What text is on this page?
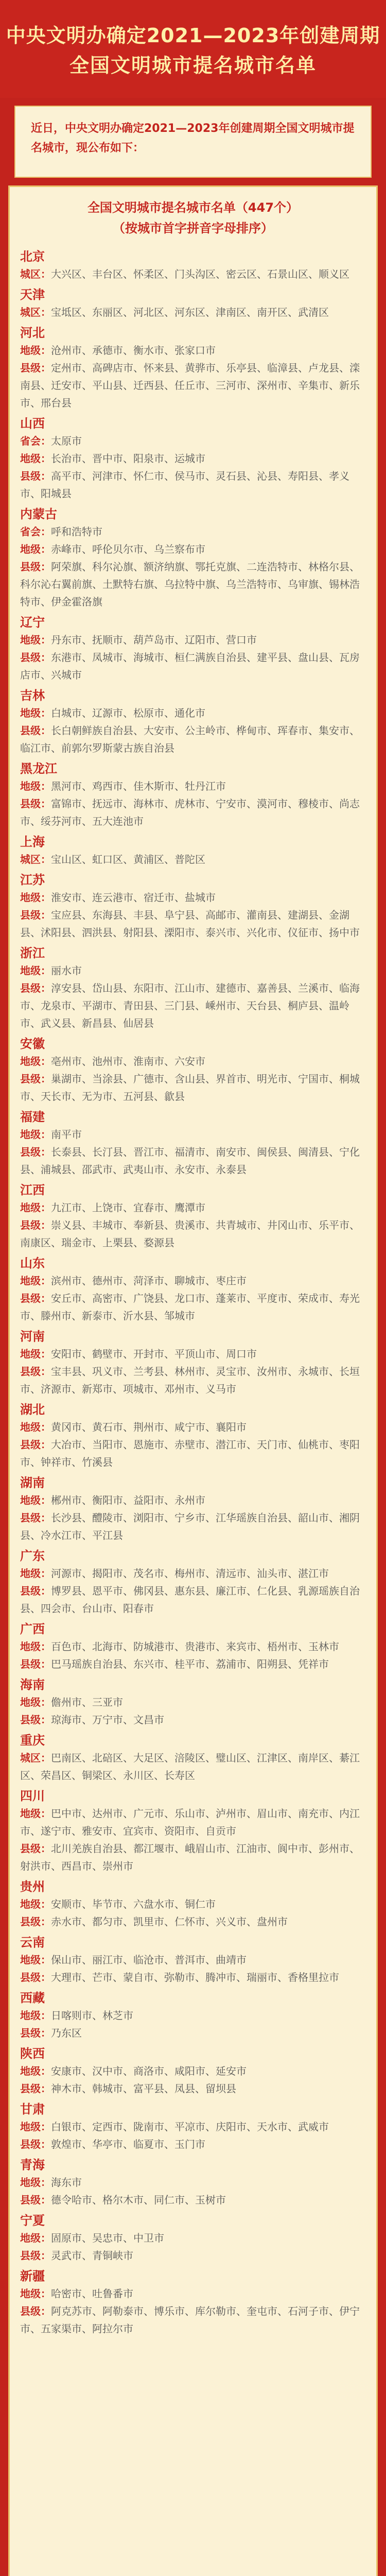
中央文明办确定2021—2023年创建周期
全国文明城市提名城市名单

近日，中央文明办确定2021—2023年创建周期全国文明城市提名城市，现公布如下：

全国文明城市提名城市名单（447个）
（按城市首字拼音字母排序）
北京
城区：大兴区、丰台区、怀柔区、门头沟区、密云区、石景山区、顺义区
天津
城区：宝坻区、东丽区、河北区、河东区、津南区、南开区、武清区
河北
地级：沧州市、承德市、衡水市、张家口市
县级：定州市、高碑店市、怀来县、黄骅市、乐亭县、临漳县、卢龙县、滦南县、迁安市、平山县、迁西县、任丘市、三河市、深州市、辛集市、新乐市、邢台县
山西
省会：太原市
地级：长治市、晋中市、阳泉市、运城市
县级：高平市、河津市、怀仁市、侯马市、灵石县、沁县、寿阳县、孝义市、阳城县
内蒙古
省会：呼和浩特市
地级：赤峰市、呼伦贝尔市、乌兰察布市
县级：阿荣旗、科尔沁旗、额济纳旗、鄂托克旗、二连浩特市、林格尔县、科尔沁右翼前旗、土默特右旗、乌拉特中旗、乌兰浩特市、乌审旗、锡林浩特市、伊金霍洛旗
辽宁
地级：丹东市、抚顺市、葫芦岛市、辽阳市、营口市
县级：东港市、凤城市、海城市、桓仁满族自治县、建平县、盘山县、瓦房店市、兴城市
吉林
地级：白城市、辽源市、松原市、通化市
县级：长白朝鲜族自治县、大安市、公主岭市、桦甸市、珲春市、集安市、临江市、前郭尔罗斯蒙古族自治县
黑龙江
地级：黑河市、鸡西市、佳木斯市、牡丹江市
县级：富锦市、抚远市、海林市、虎林市、宁安市、漠河市、穆棱市、尚志市、绥芬河市、五大连池市
上海
城区：宝山区、虹口区、黄浦区、普陀区
江苏
地级：淮安市、连云港市、宿迁市、盐城市
县级：宝应县、东海县、丰县、阜宁县、高邮市、灌南县、建湖县、金湖县、沭阳县、泗洪县、射阳县、溧阳市、泰兴市、兴化市、仪征市、扬中市
浙江
地级：丽水市
县级：淳安县、岱山县、东阳市、江山市、建德市、嘉善县、兰溪市、临海市、龙泉市、平湖市、青田县、三门县、嵊州市、天台县、桐庐县、温岭市、武义县、新昌县、仙居县
安徽
地级：亳州市、池州市、淮南市、六安市
县级：巢湖市、当涂县、广德市、含山县、界首市、明光市、宁国市、桐城市、天长市、无为市、五河县、歙县
福建
地级：南平市
县级：长泰县、长汀县、晋江市、福清市、南安市、闽侯县、闽清县、宁化县、浦城县、邵武市、武夷山市、永安市、永泰县
江西
地级：九江市、上饶市、宜春市、鹰潭市
县级：崇义县、丰城市、奉新县、贵溪市、共青城市、井冈山市、乐平市、南康区、瑞金市、上栗县、婺源县
山东
地级：滨州市、德州市、菏泽市、聊城市、枣庄市
县级：安丘市、高密市、广饶县、龙口市、蓬莱市、平度市、荣成市、寿光市、滕州市、新泰市、沂水县、邹城市
河南
地级：安阳市、鹤壁市、开封市、平顶山市、周口市
县级：宝丰县、巩义市、兰考县、林州市、灵宝市、汝州市、永城市、长垣市、济源市、新郑市、项城市、邓州市、义马市
湖北
地级：黄冈市、黄石市、荆州市、咸宁市、襄阳市
县级：大冶市、当阳市、恩施市、赤壁市、潜江市、天门市、仙桃市、枣阳市、钟祥市、竹溪县
湖南
地级：郴州市、衡阳市、益阳市、永州市
县级：长沙县、醴陵市、浏阳市、宁乡市、江华瑶族自治县、韶山市、湘阴县、冷水江市、平江县
广东
地级：河源市、揭阳市、茂名市、梅州市、清远市、汕头市、湛江市
县级：博罗县、恩平市、佛冈县、惠东县、廉江市、仁化县、乳源瑶族自治县、四会市、台山市、阳春市
广西
地级：百色市、北海市、防城港市、贵港市、来宾市、梧州市、玉林市
县级：巴马瑶族自治县、东兴市、桂平市、荔浦市、阳朔县、凭祥市
海南
地级：儋州市、三亚市
县级：琼海市、万宁市、文昌市
重庆
城区：巴南区、北碚区、大足区、涪陵区、璧山区、江津区、南岸区、綦江区、荣昌区、铜梁区、永川区、长寿区
四川
地级：巴中市、达州市、广元市、乐山市、泸州市、眉山市、南充市、内江市、遂宁市、雅安市、宜宾市、资阳市、自贡市
县级：北川羌族自治县、都江堰市、峨眉山市、江油市、阆中市、彭州市、射洪市、西昌市、崇州市
贵州
地级：安顺市、毕节市、六盘水市、铜仁市
县级：赤水市、都匀市、凯里市、仁怀市、兴义市、盘州市
云南
地级：保山市、丽江市、临沧市、普洱市、曲靖市
县级：大理市、芒市、蒙自市、弥勒市、腾冲市、瑞丽市、香格里拉市
西藏
地级：日喀则市、林芝市
县级：乃东区
陕西
地级：安康市、汉中市、商洛市、咸阳市、延安市
县级：神木市、韩城市、富平县、凤县、留坝县
甘肃
地级：白银市、定西市、陇南市、平凉市、庆阳市、天水市、武威市
县级：敦煌市、华亭市、临夏市、玉门市
青海
地级：海东市
县级：德令哈市、格尔木市、同仁市、玉树市
宁夏
地级：固原市、吴忠市、中卫市
县级：灵武市、青铜峡市
新疆
地级：哈密市、吐鲁番市
县级：阿克苏市、阿勒泰市、博乐市、库尔勒市、奎屯市、石河子市、伊宁市、五家渠市、阿拉尔市
